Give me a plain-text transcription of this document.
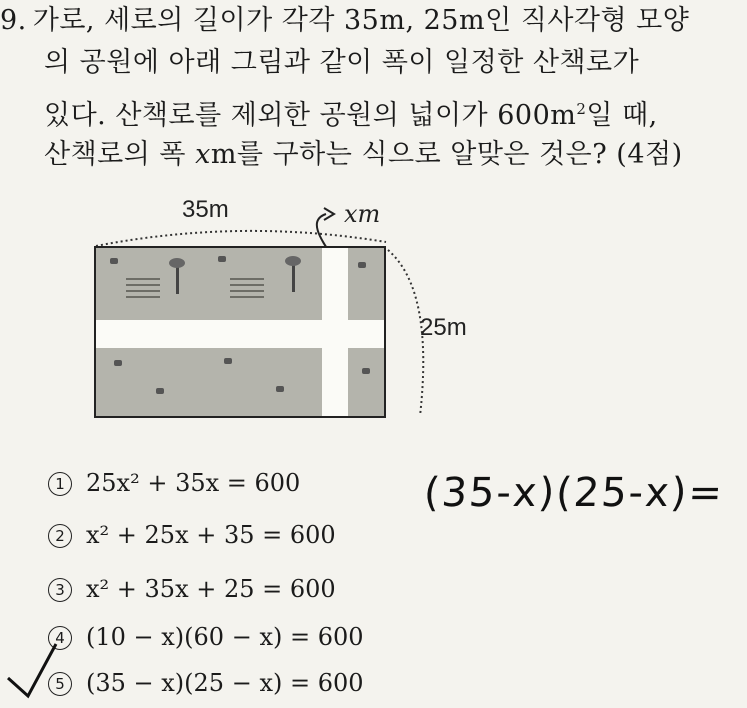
9. 가로, 세로의 길이가 각각 35m, 25m인 직사각형 모양
의 공원에 아래 그림과 같이 폭이 일정한 산책로가
있다. 산책로를 제외한 공원의 넓이가 $600m^2$일 때,
산책로의 폭 xm를 구하는 식으로 알맞은 것은? (4점)
35m	xm
25m
1 25x² + 35x = 600
2 x² + 25x + 35 = 600
3 x² + 35x + 25 = 600
4 (10 − x)(60 − x) = 600
5 (35 − x)(25 − x) = 600
(35-x)(25-x)=
